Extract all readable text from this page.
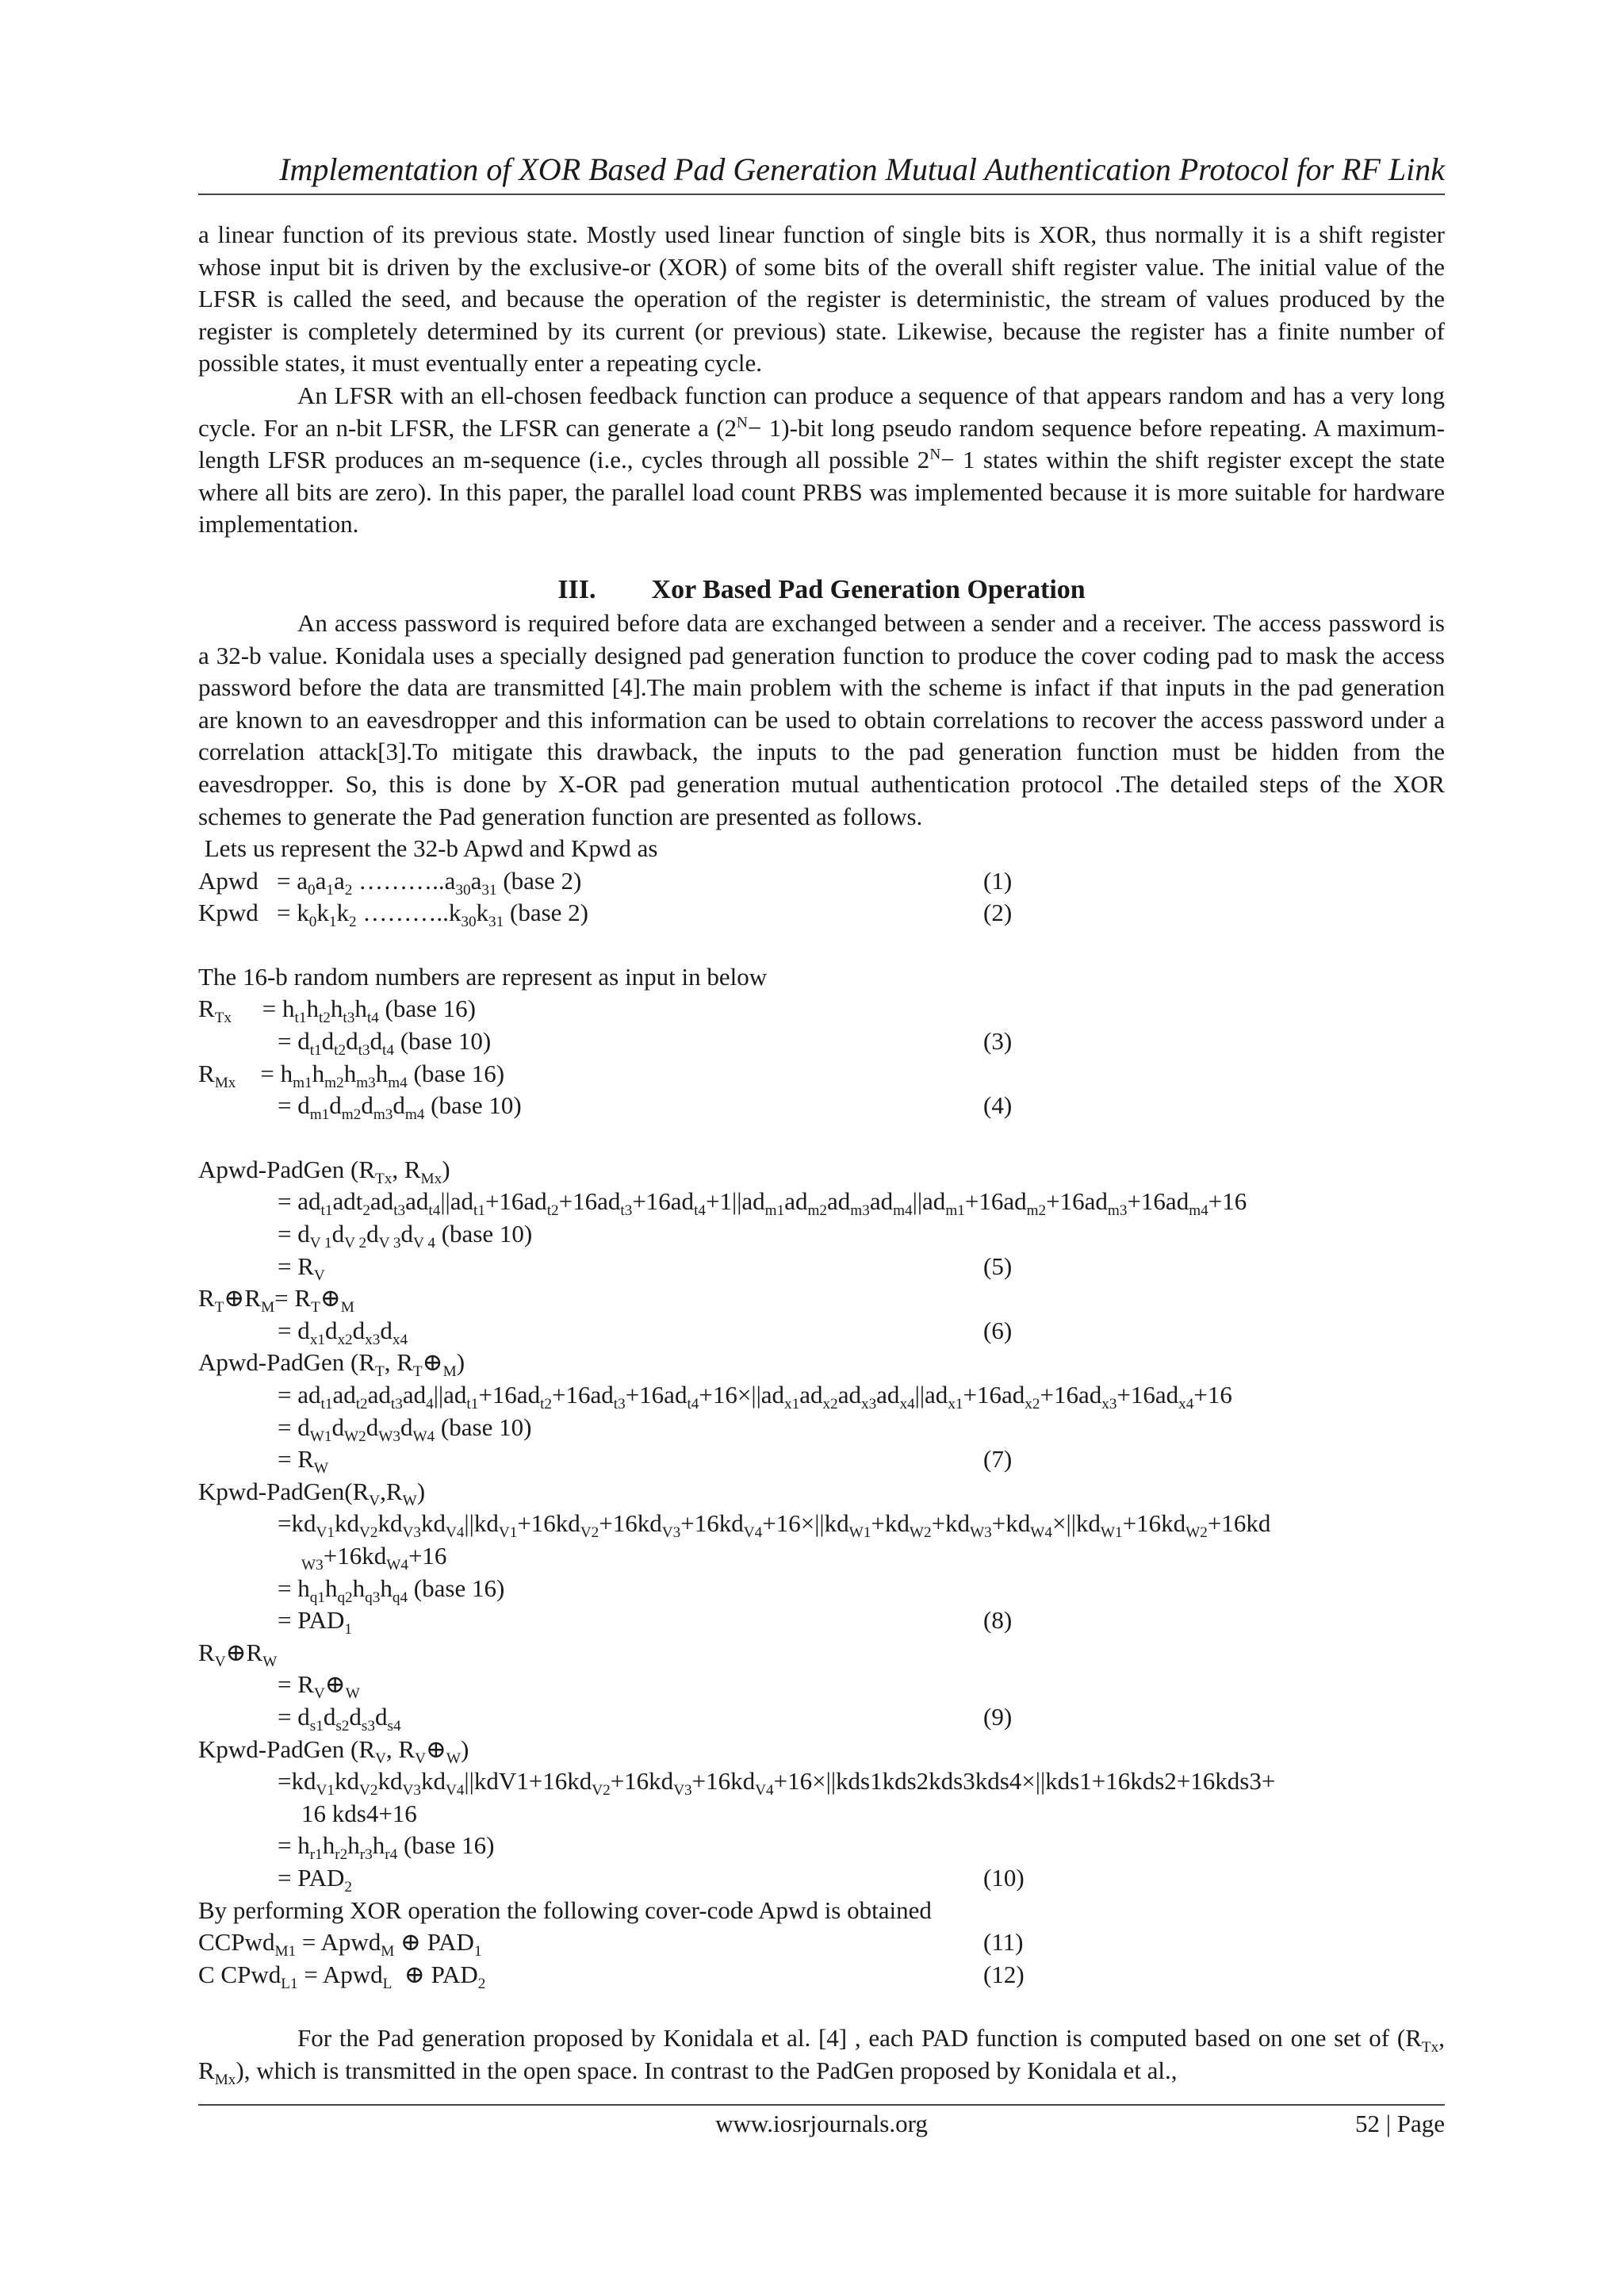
Implementation of XOR Based Pad Generation Mutual Authentication Protocol for RF Link

a linear function of its previous state. Mostly used linear function of single bits is XOR, thus normally it is a shift register whose input bit is driven by the exclusive-or (XOR) of some bits of the overall shift register value. The initial value of the LFSR is called the seed, and because the operation of the register is deterministic, the stream of values produced by the register is completely determined by its current (or previous) state. Likewise, because the register has a finite number of possible states, it must eventually enter a repeating cycle.

An LFSR with an ell-chosen feedback function can produce a sequence of that appears random and has a very long cycle. For an n-bit LFSR, the LFSR can generate a $(2^N- 1)-bit$ long pseudo random sequence before repeating. A maximum-length LFSR produces an m-sequence (i.e., cycles through all possible $2^N- 1$ states within the shift register except the state where all bits are zero). In this paper, the parallel load count PRBS was implemented because it is more suitable for hardware implementation.

III. Xor Based Pad Generation Operation

An access password is required before data are exchanged between a sender and a receiver. The access password is a 32-b value. Konidala uses a specially designed pad generation function to produce the cover coding pad to mask the access password before the data are transmitted [4].The main problem with the scheme is infact if that inputs in the pad generation are known to an eavesdropper and this information can be used to obtain correlations to recover the access password under a correlation attack[3].To mitigate this drawback, the inputs to the pad generation function must be hidden from the eavesdropper. So, this is done by X-OR pad generation mutual authentication protocol .The detailed steps of the XOR schemes to generate the Pad generation function are presented as follows.

Lets us represent the 32-b Apwd and Kpwd as
Apwd   = $a_0a_1a_2$ $\dots\dots\dots..a_{30}a_{31}$ (base 2)	(1)
Kpwd   = $k_0k_1k_2$ $\dots\dots\dots..k_{30}k_{31}$ (base 2)	(2)
The 16-b random numbers are represent as input in below
$R_{Tx}$     = $h_{t1}h_{t2}h_{t3}h_{t4}$ (base 16)
= $d_{t1}d_{t2}d_{t3}d_{t4}$ (base 10)	(3)
$R_{Mx}$    = $h_{m1}h_{m2}h_{m3}h_{m4}$ (base 16)
= $d_{m1}d_{m2}d_{m3}d_{m4}$ (base 10)	(4)
Apwd-PadGen ($R_{Tx}$, $R_{Mx}$)
= $ad_{t1}adt_2ad_{t3}ad_{t4}||ad_{t1}+16ad_{t2}+16ad_{t3}+16ad_{t4}+1||ad_{m1}ad_{m2}ad_{m3}ad_{m4}||ad_{m1}+16ad_{m2}+16ad_{m3}+16ad_{m4}+16$
= $d_{V 1}d_{V 2}d_{V 3}d_{V 4}$ (base 10)
= $R_V$	(5)
$R_T\oplus R_M=$ $R_T\oplus_M$
= $d_{x1}d_{x2}d_{x3}d_{x4}$	(6)
Apwd-PadGen ($R_T$, $R_T\oplus_M$)
= $ad_{t1}ad_{t2}ad_{t3}ad_4||ad_{t1}+16ad_{t2}+16ad_{t3}+16ad_{t4}+16\times||ad_{x1}ad_{x2}ad_{x3}ad_{x4}||ad_{x1}+16ad_{x2}+16ad_{x3}+16ad_{x4}+16$
= $d_{W1}d_{W2}d_{W3}d_{W4}$ (base 10)
= $R_W$	(7)
Kpwd-$PadGen(R_V,R_W)$
$=kd_{V1}kd_{V2}kd_{V3}kd_{V4}||kd_{V1}+16kd_{V2}+16kd_{V3}+16kd_{V4}+16\times||kd_{W1}+kd_{W2}+kd_{W3}+kd_{W4}\times||kd_{W1}+16kd_{W2}+16kd$
$_{W3}+16kd_{W4}+16$
= $h_{q1}h_{q2}h_{q3}h_{q4}$ (base 16)
= $PAD_1$	(8)
$R_V\oplus R_W$
= $R_V\oplus_W$
= $d_{s1}d_{s2}d_{s3}d_{s4}$	(9)
Kpwd-PadGen ($R_V$, $R_V\oplus_W$)
$=kd_{V1}kd_{V2}kd_{V3}kd_{V4}||kdV1+16kd_{V2}+16kd_{V3}+16kd_{V4}+16\times||kds1kds2kds3kds4\times||kds1+16kds2+16kds3+$
16 kds4+16
= $h_{r1}h_{r2}h_{r3}h_{r4}$ (base 16)
= $PAD_2$	(10)
By performing XOR operation the following cover-code Apwd is obtained
CCPwd$_{M1}$ = Apwd$_M$ ⊕ $PAD_1$	(11)
C CPwd$_{L1}$ = Apwd$_L$  ⊕ $PAD_2$	(12)

For the Pad generation proposed by Konidala et al. [4] , each PAD function is computed based on one set of ($R_{Tx}$, $R_{Mx}$), which is transmitted in the open space. In contrast to the PadGen proposed by Konidala et al.,

www.iosrjournals.org	52 | Page
